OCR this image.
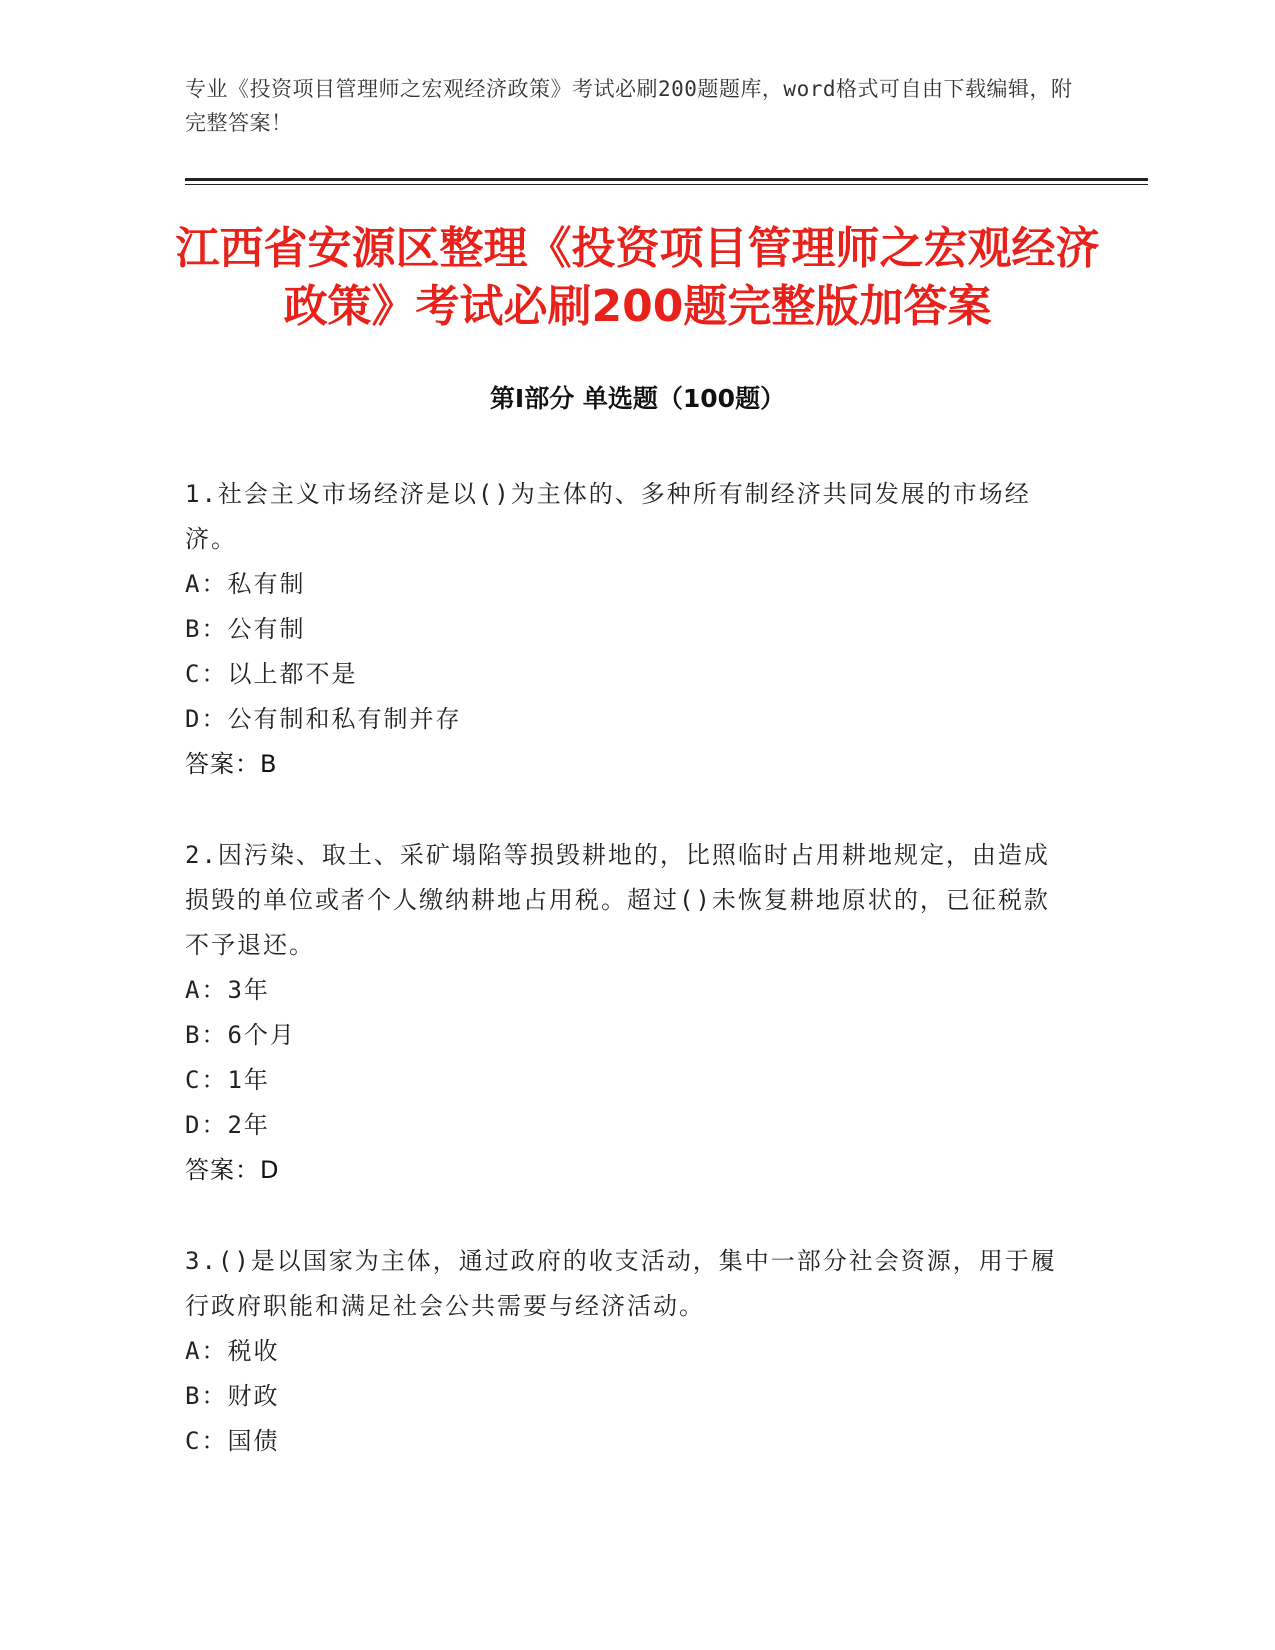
专业《投资项目管理师之宏观经济政策》考试必刷200题题库，word格式可自由下载编辑，附完整答案！
江西省安源区整理《投资项目管理师之宏观经济政策》考试必刷200题完整版加答案
第I部分 单选题（100题）
1.社会主义市场经济是以()为主体的、多种所有制经济共同发展的市场经济。
A：私有制
B：公有制
C：以上都不是
D：公有制和私有制并存
答案：B
2.因污染、取土、采矿塌陷等损毁耕地的，比照临时占用耕地规定，由造成损毁的单位或者个人缴纳耕地占用税。超过()未恢复耕地原状的，已征税款不予退还。
A：3年
B：6个月
C：1年
D：2年
答案：D
3.()是以国家为主体，通过政府的收支活动，集中一部分社会资源，用于履行政府职能和满足社会公共需要与经济活动。
A：税收
B：财政
C：国债
